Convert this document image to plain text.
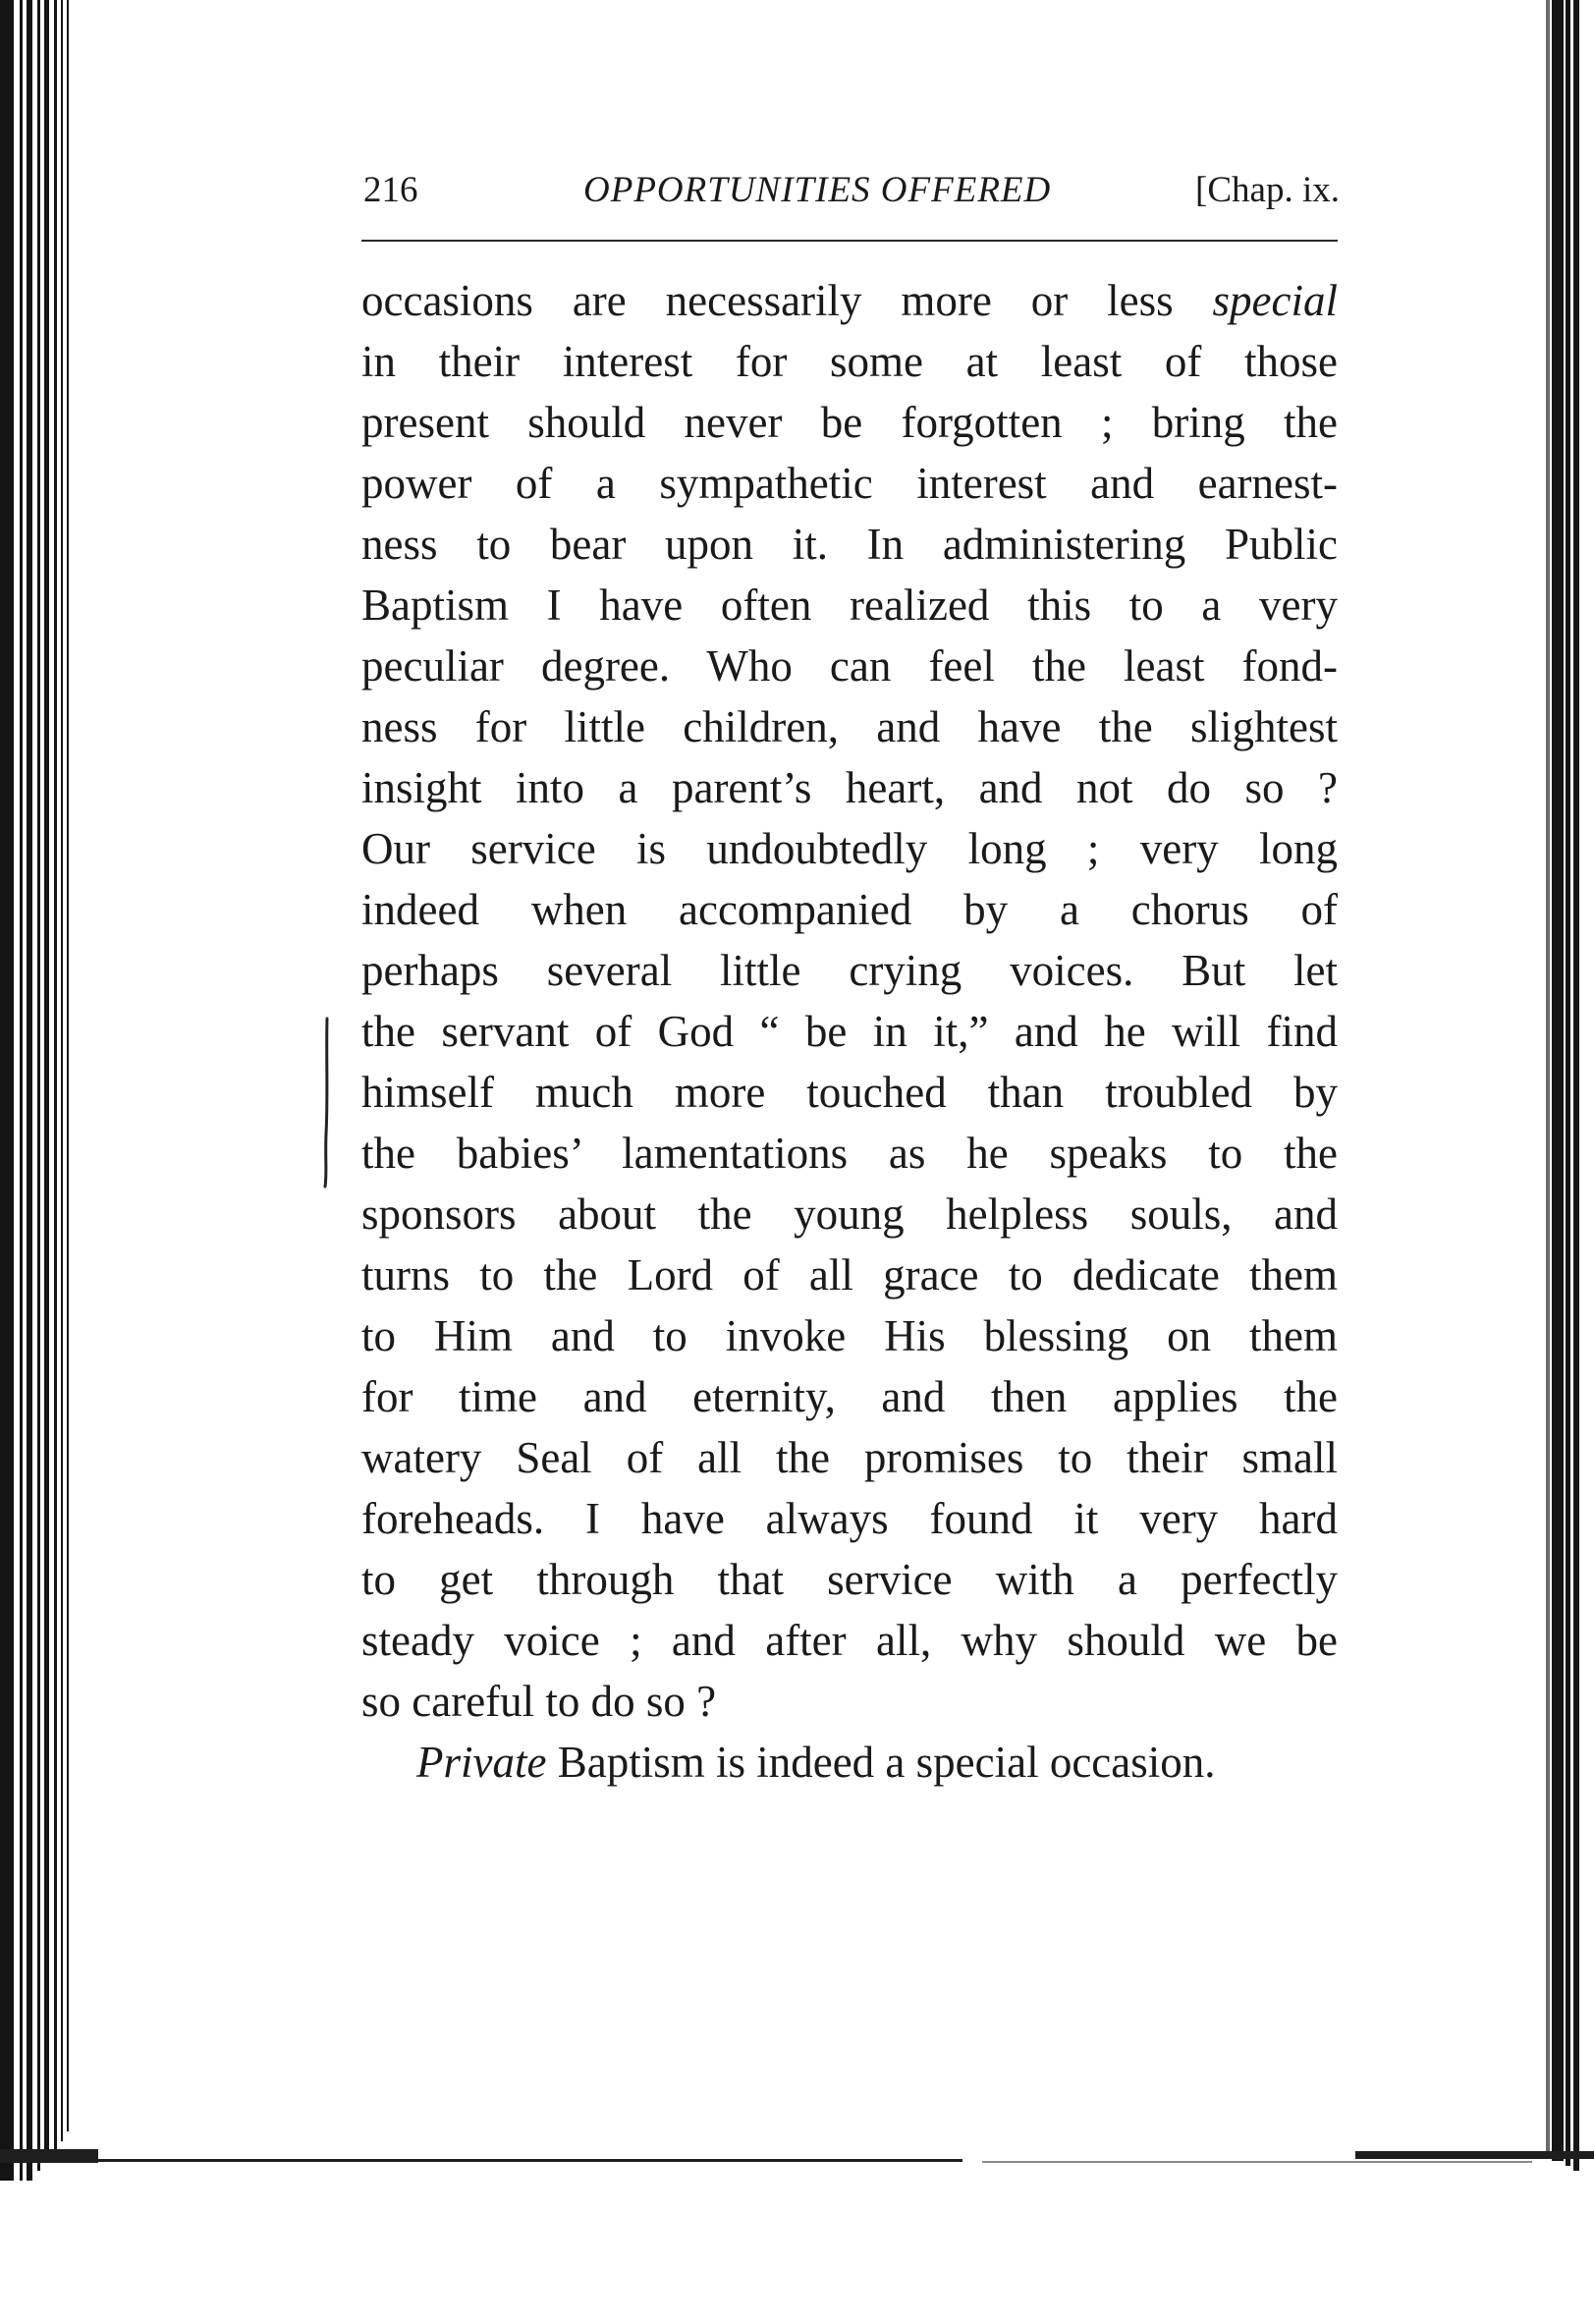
216	OPPORTUNITIES OFFERED	[Chap. ix.
occasions are necessarily more or less special
in their interest for some at least of those
present should never be forgotten ; bring the
power of a sympathetic interest and earnest-
ness to bear upon it. In administering Public
Baptism I have often realized this to a very
peculiar degree. Who can feel the least fond-
ness for little children, and have the slightest
insight into a parent’s heart, and not do so ?
Our service is undoubtedly long ; very long
indeed when accompanied by a chorus of
perhaps several little crying voices. But let
the servant of God “ be in it,” and he will find
himself much more touched than troubled by
the babies’ lamentations as he speaks to the
sponsors about the young helpless souls, and
turns to the Lord of all grace to dedicate them
to Him and to invoke His blessing on them
for time and eternity, and then applies the
watery Seal of all the promises to their small
foreheads. I have always found it very hard
to get through that service with a perfectly
steady voice ; and after all, why should we be
so careful to do so ?
Private Baptism is indeed a special occasion.
